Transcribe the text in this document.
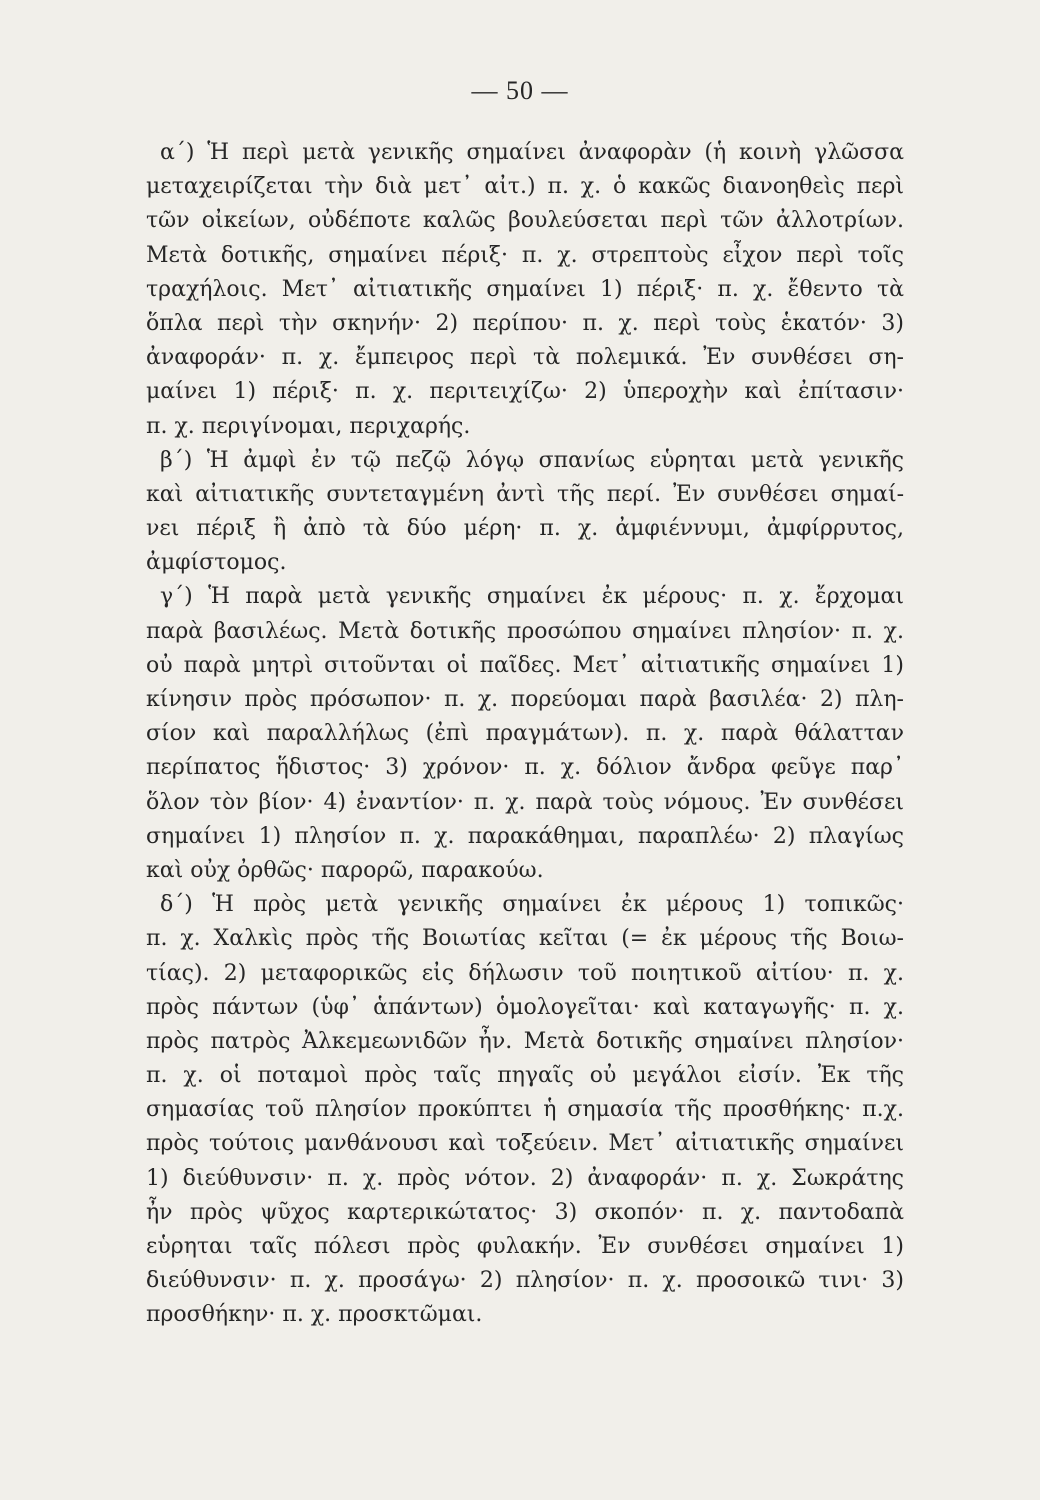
— 50 —
α΄) Ἡ περὶ μετὰ γενικῆς σημαίνει ἀναφορὰν (ἡ κοινὴ γλῶσσα
μεταχειρίζεται τὴν διὰ μετ᾽ αἰτ.) π. χ. ὁ κακῶς διανοηθεὶς περὶ
τῶν οἰκείων, οὐδέποτε καλῶς βουλεύσεται περὶ τῶν ἀλλοτρίων.
Μετὰ δοτικῆς, σημαίνει πέριξ· π. χ. στρεπτοὺς εἶχον περὶ τοῖς
τραχήλοις. Μετ᾽ αἰτιατικῆς σημαίνει 1) πέριξ· π. χ. ἔθεντο τὰ
ὅπλα περὶ τὴν σκηνήν· 2) περίπου· π. χ. περὶ τοὺς ἑκατόν· 3)
ἀναφοράν· π. χ. ἔμπειρος περὶ τὰ πολεμικά. Ἐν συνθέσει ση-
μαίνει 1) πέριξ· π. χ. περιτειχίζω· 2) ὑπεροχὴν καὶ ἐπίτασιν·
π. χ. περιγίνομαι, περιχαρής.
β΄) Ἡ ἀμφὶ ἐν τῷ πεζῷ λόγῳ σπανίως εὑρηται μετὰ γενικῆς
καὶ αἰτιατικῆς συντεταγμένη ἀντὶ τῆς περί. Ἐν συνθέσει σημαί-
νει πέριξ ἢ ἀπὸ τὰ δύο μέρη· π. χ. ἀμφιέννυμι, ἀμφίρρυτος,
ἀμφίστομος.
γ΄) Ἡ παρὰ μετὰ γενικῆς σημαίνει ἐκ μέρους· π. χ. ἔρχομαι
παρὰ βασιλέως. Μετὰ δοτικῆς προσώπου σημαίνει πλησίον· π. χ.
οὐ παρὰ μητρὶ σιτοῦνται οἱ παῖδες. Μετ᾽ αἰτιατικῆς σημαίνει 1)
κίνησιν πρὸς πρόσωπον· π. χ. πορεύομαι παρὰ βασιλέα· 2) πλη-
σίον καὶ παραλλήλως (ἐπὶ πραγμάτων). π. χ. παρὰ θάλατταν
περίπατος ἥδιστος· 3) χρόνον· π. χ. δόλιον ἄνδρα φεῦγε παρ᾽
ὅλον τὸν βίον· 4) ἐναντίον· π. χ. παρὰ τοὺς νόμους. Ἐν συνθέσει
σημαίνει 1) πλησίον π. χ. παρακάθημαι, παραπλέω· 2) πλαγίως
καὶ οὐχ ὀρθῶς· παρορῶ, παρακούω.
δ΄) Ἡ πρὸς μετὰ γενικῆς σημαίνει ἐκ μέρους 1) τοπικῶς·
π. χ. Χαλκὶς πρὸς τῆς Βοιωτίας κεῖται (= ἐκ μέρους τῆς Βοιω-
τίας). 2) μεταφορικῶς εἰς δήλωσιν τοῦ ποιητικοῦ αἰτίου· π. χ.
πρὸς πάντων (ὑφ᾽ ἁπάντων) ὁμολογεῖται· καὶ καταγωγῆς· π. χ.
πρὸς πατρὸς Ἀλκεμεωνιδῶν ἦν. Μετὰ δοτικῆς σημαίνει πλησίον·
π. χ. οἱ ποταμοὶ πρὸς ταῖς πηγαῖς οὐ μεγάλοι εἰσίν. Ἐκ τῆς
σημασίας τοῦ πλησίον προκύπτει ἡ σημασία τῆς προσθήκης· π.χ.
πρὸς τούτοις μανθάνουσι καὶ τοξεύειν. Μετ᾽ αἰτιατικῆς σημαίνει
1) διεύθυνσιν· π. χ. πρὸς νότον. 2) ἀναφοράν· π. χ. Σωκράτης
ἦν πρὸς ψῦχος καρτερικώτατος· 3) σκοπόν· π. χ. παντοδαπὰ
εὑρηται ταῖς πόλεσι πρὸς φυλακήν. Ἐν συνθέσει σημαίνει 1)
διεύθυνσιν· π. χ. προσάγω· 2) πλησίον· π. χ. προσοικῶ τινι· 3)
προσθήκην· π. χ. προσκτῶμαι.
